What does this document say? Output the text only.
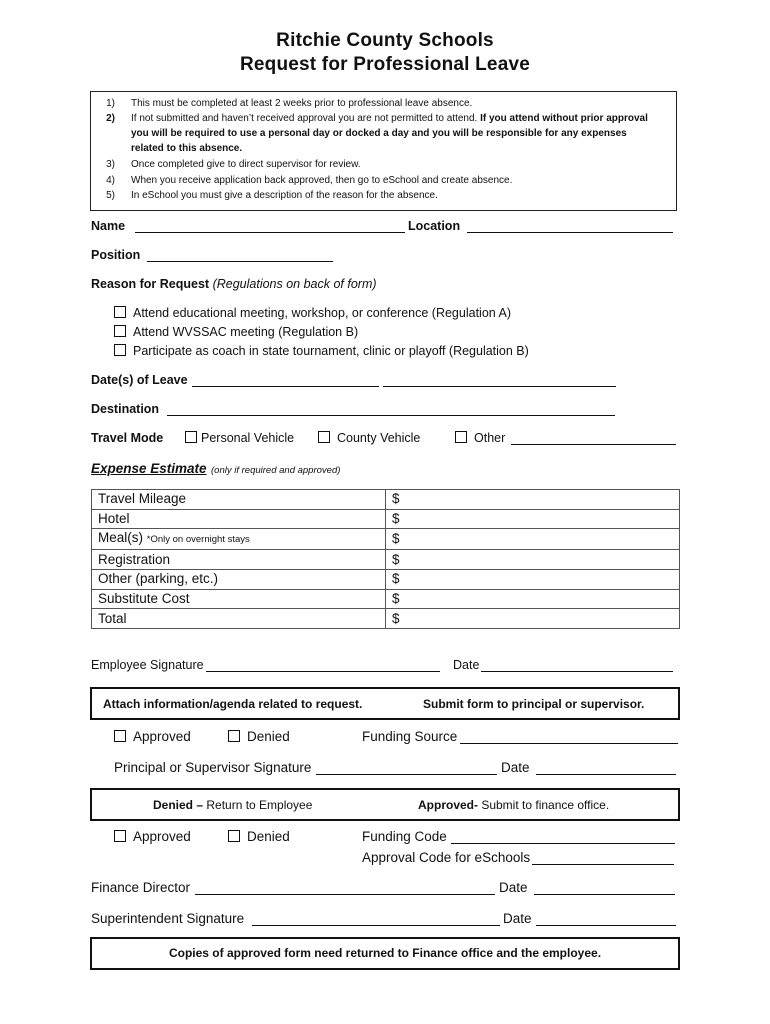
Ritchie County Schools
Request for Professional Leave
1) This must be completed at least 2 weeks prior to professional leave absence.
2) If not submitted and haven’t received approval you are not permitted to attend. If you attend without prior approval you will be required to use a personal day or docked a day and you will be responsible for any expenses related to this absence.
3) Once completed give to direct supervisor for review.
4) When you receive application back approved, then go to eSchool and create absence.
5) In eSchool you must give a description of the reason for the absence.
Name	Location
Position
Reason for Request (Regulations on back of form)
Attend educational meeting, workshop, or conference (Regulation A)
Attend WVSSAC meeting (Regulation B)
Participate as coach in state tournament, clinic or playoff (Regulation B)
Date(s) of Leave
Destination
Travel Mode	Personal Vehicle	County Vehicle	Other
Expense Estimate (only if required and approved)
Travel Mileage	$
Hotel	$
Meal(s) *Only on overnight stays	$
Registration	$
Other (parking, etc.)	$
Substitute Cost	$
Total	$
Employee Signature	Date
Attach information/agenda related to request.	Submit form to principal or supervisor.
Approved	Denied	Funding Source
Principal or Supervisor Signature	Date
Denied – Return to Employee	Approved- Submit to finance office.
Approved	Denied	Funding Code
Approval Code for eSchools
Finance Director	Date
Superintendent Signature	Date
Copies of approved form need returned to Finance office and the employee.
